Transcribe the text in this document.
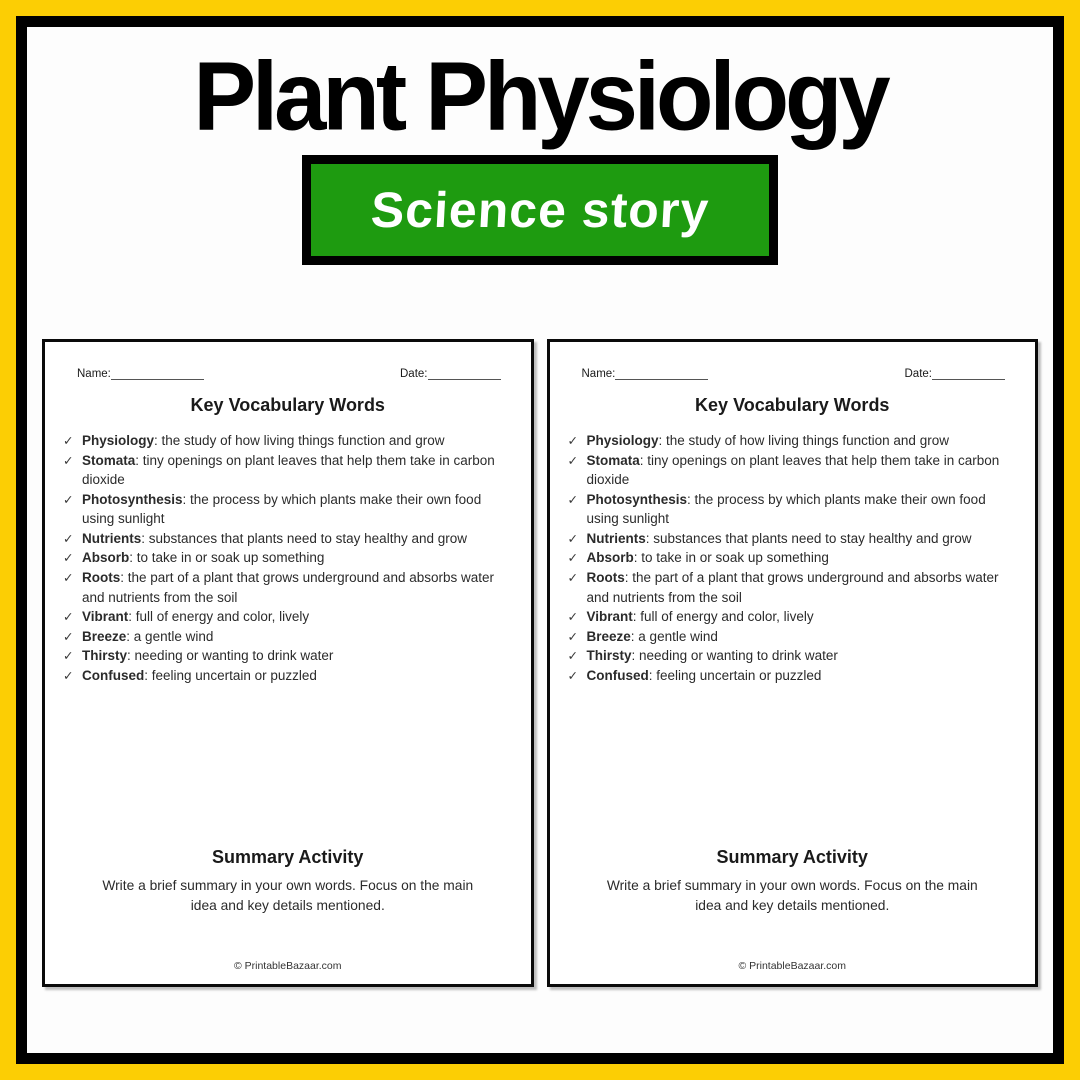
Plant Physiology
Science story
Name:	Date:
Key Vocabulary Words
✓ Physiology: the study of how living things function and grow
✓ Stomata: tiny openings on plant leaves that help them take in carbon dioxide
✓ Photosynthesis: the process by which plants make their own food using sunlight
✓ Nutrients: substances that plants need to stay healthy and grow
✓ Absorb: to take in or soak up something
✓ Roots: the part of a plant that grows underground and absorbs water and nutrients from the soil
✓ Vibrant: full of energy and color, lively
✓ Breeze: a gentle wind
✓ Thirsty: needing or wanting to drink water
✓ Confused: feeling uncertain or puzzled
Summary Activity
Write a brief summary in your own words. Focus on the main idea and key details mentioned.
© PrintableBazaar.com
Name:	Date:
Key Vocabulary Words
✓ Physiology: the study of how living things function and grow
✓ Stomata: tiny openings on plant leaves that help them take in carbon dioxide
✓ Photosynthesis: the process by which plants make their own food using sunlight
✓ Nutrients: substances that plants need to stay healthy and grow
✓ Absorb: to take in or soak up something
✓ Roots: the part of a plant that grows underground and absorbs water and nutrients from the soil
✓ Vibrant: full of energy and color, lively
✓ Breeze: a gentle wind
✓ Thirsty: needing or wanting to drink water
✓ Confused: feeling uncertain or puzzled
Summary Activity
Write a brief summary in your own words. Focus on the main idea and key details mentioned.
© PrintableBazaar.com
